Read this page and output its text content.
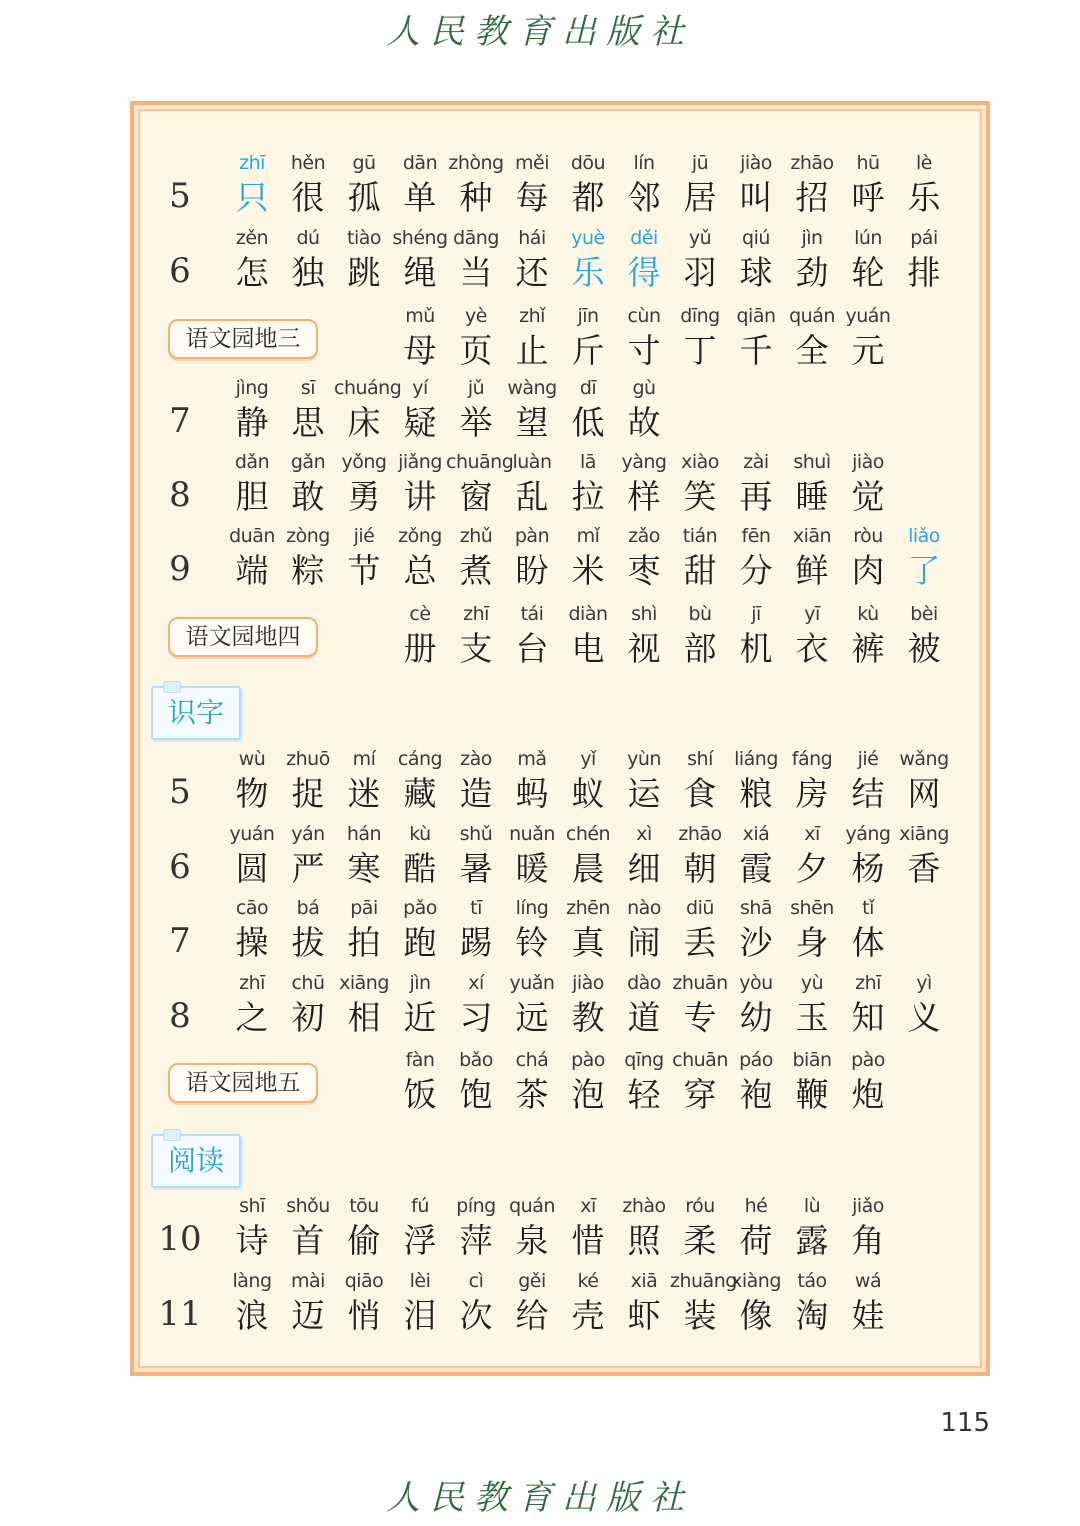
人民教育出版社
5
zhī
只
hěn
很
gū
孤
dān
单
zhòng
种
měi
每
dōu
都
lín
邻
jū
居
jiào
叫
zhāo
招
hū
呼
lè
乐
6
zěn
怎
dú
独
tiào
跳
shéng
绳
dāng
当
hái
还
yuè
乐
děi
得
yǔ
羽
qiú
球
jìn
劲
lún
轮
pái
排
语文园地三
mǔ
母
yè
页
zhǐ
止
jīn
斤
cùn
寸
dīng
丁
qiān
千
quán
全
yuán
元
7
jìng
静
sī
思
chuáng
床
yí
疑
jǔ
举
wàng
望
dī
低
gù
故
8
dǎn
胆
gǎn
敢
yǒng
勇
jiǎng
讲
chuāng
窗
luàn
乱
lā
拉
yàng
样
xiào
笑
zài
再
shuì
睡
jiào
觉
9
duān
端
zòng
粽
jié
节
zǒng
总
zhǔ
煮
pàn
盼
mǐ
米
zǎo
枣
tián
甜
fēn
分
xiān
鲜
ròu
肉
liǎo
了
语文园地四
cè
册
zhī
支
tái
台
diàn
电
shì
视
bù
部
jī
机
yī
衣
kù
裤
bèi
被
识字
5
wù
物
zhuō
捉
mí
迷
cáng
藏
zào
造
mǎ
蚂
yǐ
蚁
yùn
运
shí
食
liáng
粮
fáng
房
jié
结
wǎng
网
6
yuán
圆
yán
严
hán
寒
kù
酷
shǔ
暑
nuǎn
暖
chén
晨
xì
细
zhāo
朝
xiá
霞
xī
夕
yáng
杨
xiāng
香
7
cāo
操
bá
拔
pāi
拍
pǎo
跑
tī
踢
líng
铃
zhēn
真
nào
闹
diū
丢
shā
沙
shēn
身
tǐ
体
8
zhī
之
chū
初
xiāng
相
jìn
近
xí
习
yuǎn
远
jiào
教
dào
道
zhuān
专
yòu
幼
yù
玉
zhī
知
yì
义
语文园地五
fàn
饭
bǎo
饱
chá
茶
pào
泡
qīng
轻
chuān
穿
páo
袍
biān
鞭
pào
炮
阅读
10
shī
诗
shǒu
首
tōu
偷
fú
浮
píng
萍
quán
泉
xī
惜
zhào
照
róu
柔
hé
荷
lù
露
jiǎo
角
11
làng
浪
mài
迈
qiāo
悄
lèi
泪
cì
次
gěi
给
ké
壳
xiā
虾
zhuāng
装
xiàng
像
táo
淘
wá
娃
115
人民教育出版社
